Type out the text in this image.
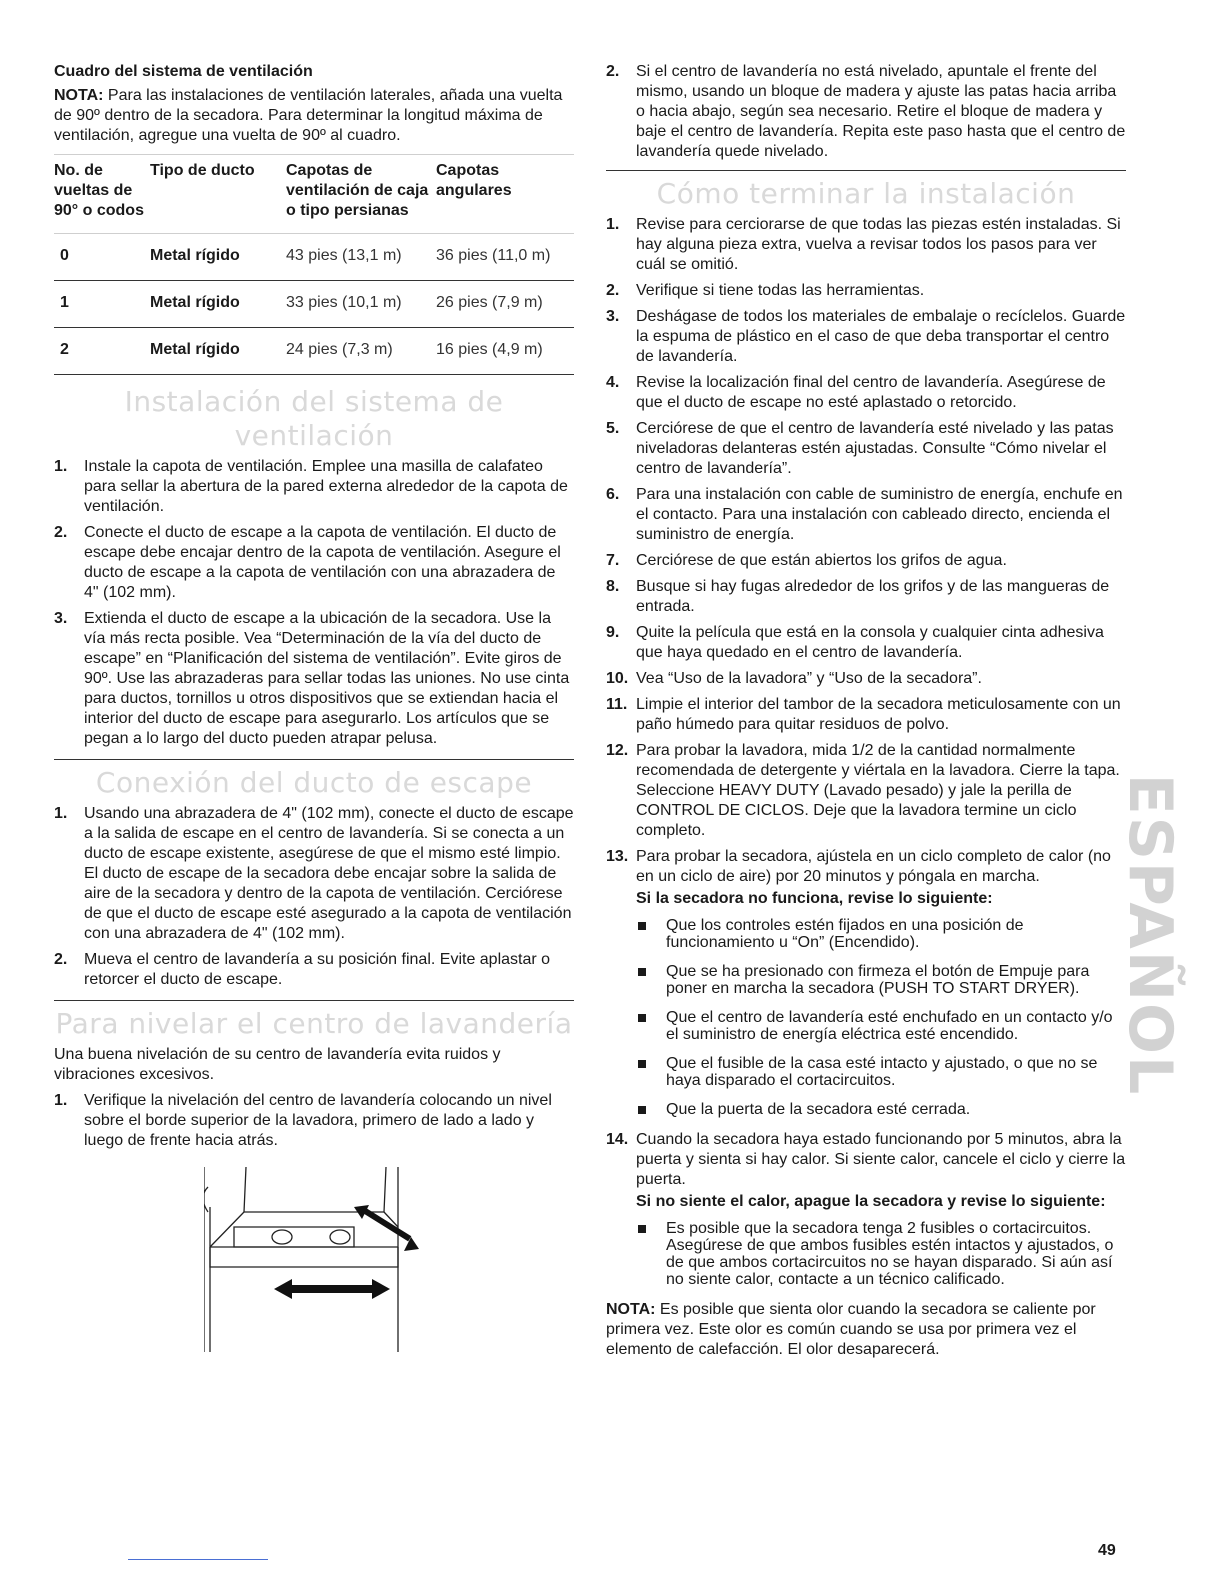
Cuadro del sistema de ventilación

NOTA: Para las instalaciones de ventilación laterales, añada una vuelta de 90º dentro de la secadora. Para determinar la longitud máxima de ventilación, agregue una vuelta de 90º al cuadro.

No. de vueltas de 90° o codos	Tipo de ducto	Capotas de ventilación de caja o tipo persianas	Capotas angulares
0	Metal rígido	43 pies (13,1 m)	36 pies (11,0 m)
1	Metal rígido	33 pies (10,1 m)	26 pies (7,9 m)
2	Metal rígido	24 pies (7,3 m)	16 pies (4,9 m)
Instalación del sistema de ventilación
1. Instale la capota de ventilación. Emplee una masilla de calafateo para sellar la abertura de la pared externa alrededor de la capota de ventilación.
2. Conecte el ducto de escape a la capota de ventilación. El ducto de escape debe encajar dentro de la capota de ventilación. Asegure el ducto de escape a la capota de ventilación con una abrazadera de 4" (102 mm).
3. Extienda el ducto de escape a la ubicación de la secadora. Use la vía más recta posible. Vea “Determinación de la vía del ducto de escape” en “Planificación del sistema de ventilación”. Evite giros de 90º. Use las abrazaderas para sellar todas las uniones. No use cinta para ductos, tornillos u otros dispositivos que se extiendan hacia el interior del ducto de escape para asegurarlo. Los artículos que se pegan a lo largo del ducto pueden atrapar pelusa.
Conexión del ducto de escape
1. Usando una abrazadera de 4" (102 mm), conecte el ducto de escape a la salida de escape en el centro de lavandería. Si se conecta a un ducto de escape existente, asegúrese de que el mismo esté limpio. El ducto de escape de la secadora debe encajar sobre la salida de aire de la secadora y dentro de la capota de ventilación. Cerciórese de que el ducto de escape esté asegurado a la capota de ventilación con una abrazadera de 4" (102 mm).
2. Mueva el centro de lavandería a su posición final. Evite aplastar o retorcer el ducto de escape.
Para nivelar el centro de lavandería

Una buena nivelación de su centro de lavandería evita ruidos y vibraciones excesivos.

1. Verifique la nivelación del centro de lavandería colocando un nivel sobre el borde superior de la lavadora, primero de lado a lado y luego de frente hacia atrás.
2. Si el centro de lavandería no está nivelado, apuntale el frente del mismo, usando un bloque de madera y ajuste las patas hacia arriba o hacia abajo, según sea necesario. Retire el bloque de madera y baje el centro de lavandería. Repita este paso hasta que el centro de lavandería quede nivelado.
Cómo terminar la instalación
1. Revise para cerciorarse de que todas las piezas estén instaladas. Si hay alguna pieza extra, vuelva a revisar todos los pasos para ver cuál se omitió.
2. Verifique si tiene todas las herramientas.
3. Deshágase de todos los materiales de embalaje o recíclelos. Guarde la espuma de plástico en el caso de que deba transportar el centro de lavandería.
4. Revise la localización final del centro de lavandería. Asegúrese de que el ducto de escape no esté aplastado o retorcido.
5. Cerciórese de que el centro de lavandería esté nivelado y las patas niveladoras delanteras estén ajustadas. Consulte “Cómo nivelar el centro de lavandería”.
6. Para una instalación con cable de suministro de energía, enchufe en el contacto. Para una instalación con cableado directo, encienda el suministro de energía.
7. Cerciórese de que están abiertos los grifos de agua.
8. Busque si hay fugas alrededor de los grifos y de las mangueras de entrada.
9. Quite la película que está en la consola y cualquier cinta adhesiva que haya quedado en el centro de lavandería.
10. Vea “Uso de la lavadora” y “Uso de la secadora”.
11. Limpie el interior del tambor de la secadora meticulosamente con un paño húmedo para quitar residuos de polvo.
12. Para probar la lavadora, mida 1/2 de la cantidad normalmente recomendada de detergente y viértala en la lavadora. Cierre la tapa. Seleccione HEAVY DUTY (Lavado pesado) y jale la perilla de CONTROL DE CICLOS. Deje que la lavadora termine un ciclo completo.
13. Para probar la secadora, ajústela en un ciclo completo de calor (no en un ciclo de aire) por 20 minutos y póngala en marcha.
Si la secadora no funciona, revise lo siguiente:
Que los controles estén fijados en una posición de funcionamiento u “On” (Encendido).
Que se ha presionado con firmeza el botón de Empuje para poner en marcha la secadora (PUSH TO START DRYER).
Que el centro de lavandería esté enchufado en un contacto y/o el suministro de energía eléctrica esté encendido.
Que el fusible de la casa esté intacto y ajustado, o que no se haya disparado el cortacircuitos.
Que la puerta de la secadora esté cerrada.
14. Cuando la secadora haya estado funcionando por 5 minutos, abra la puerta y sienta si hay calor. Si siente calor, cancele el ciclo y cierre la puerta.
Si no siente el calor, apague la secadora y revise lo siguiente:
Es posible que la secadora tenga 2 fusibles o cortacircuitos. Asegúrese de que ambos fusibles estén intactos y ajustados, o de que ambos cortacircuitos no se hayan disparado. Si aún así no siente calor, contacte a un técnico calificado.

NOTA: Es posible que sienta olor cuando la secadora se caliente por primera vez. Este olor es común cuando se usa por primera vez el elemento de calefacción. El olor desaparecerá.

ESPAÑOL
49
